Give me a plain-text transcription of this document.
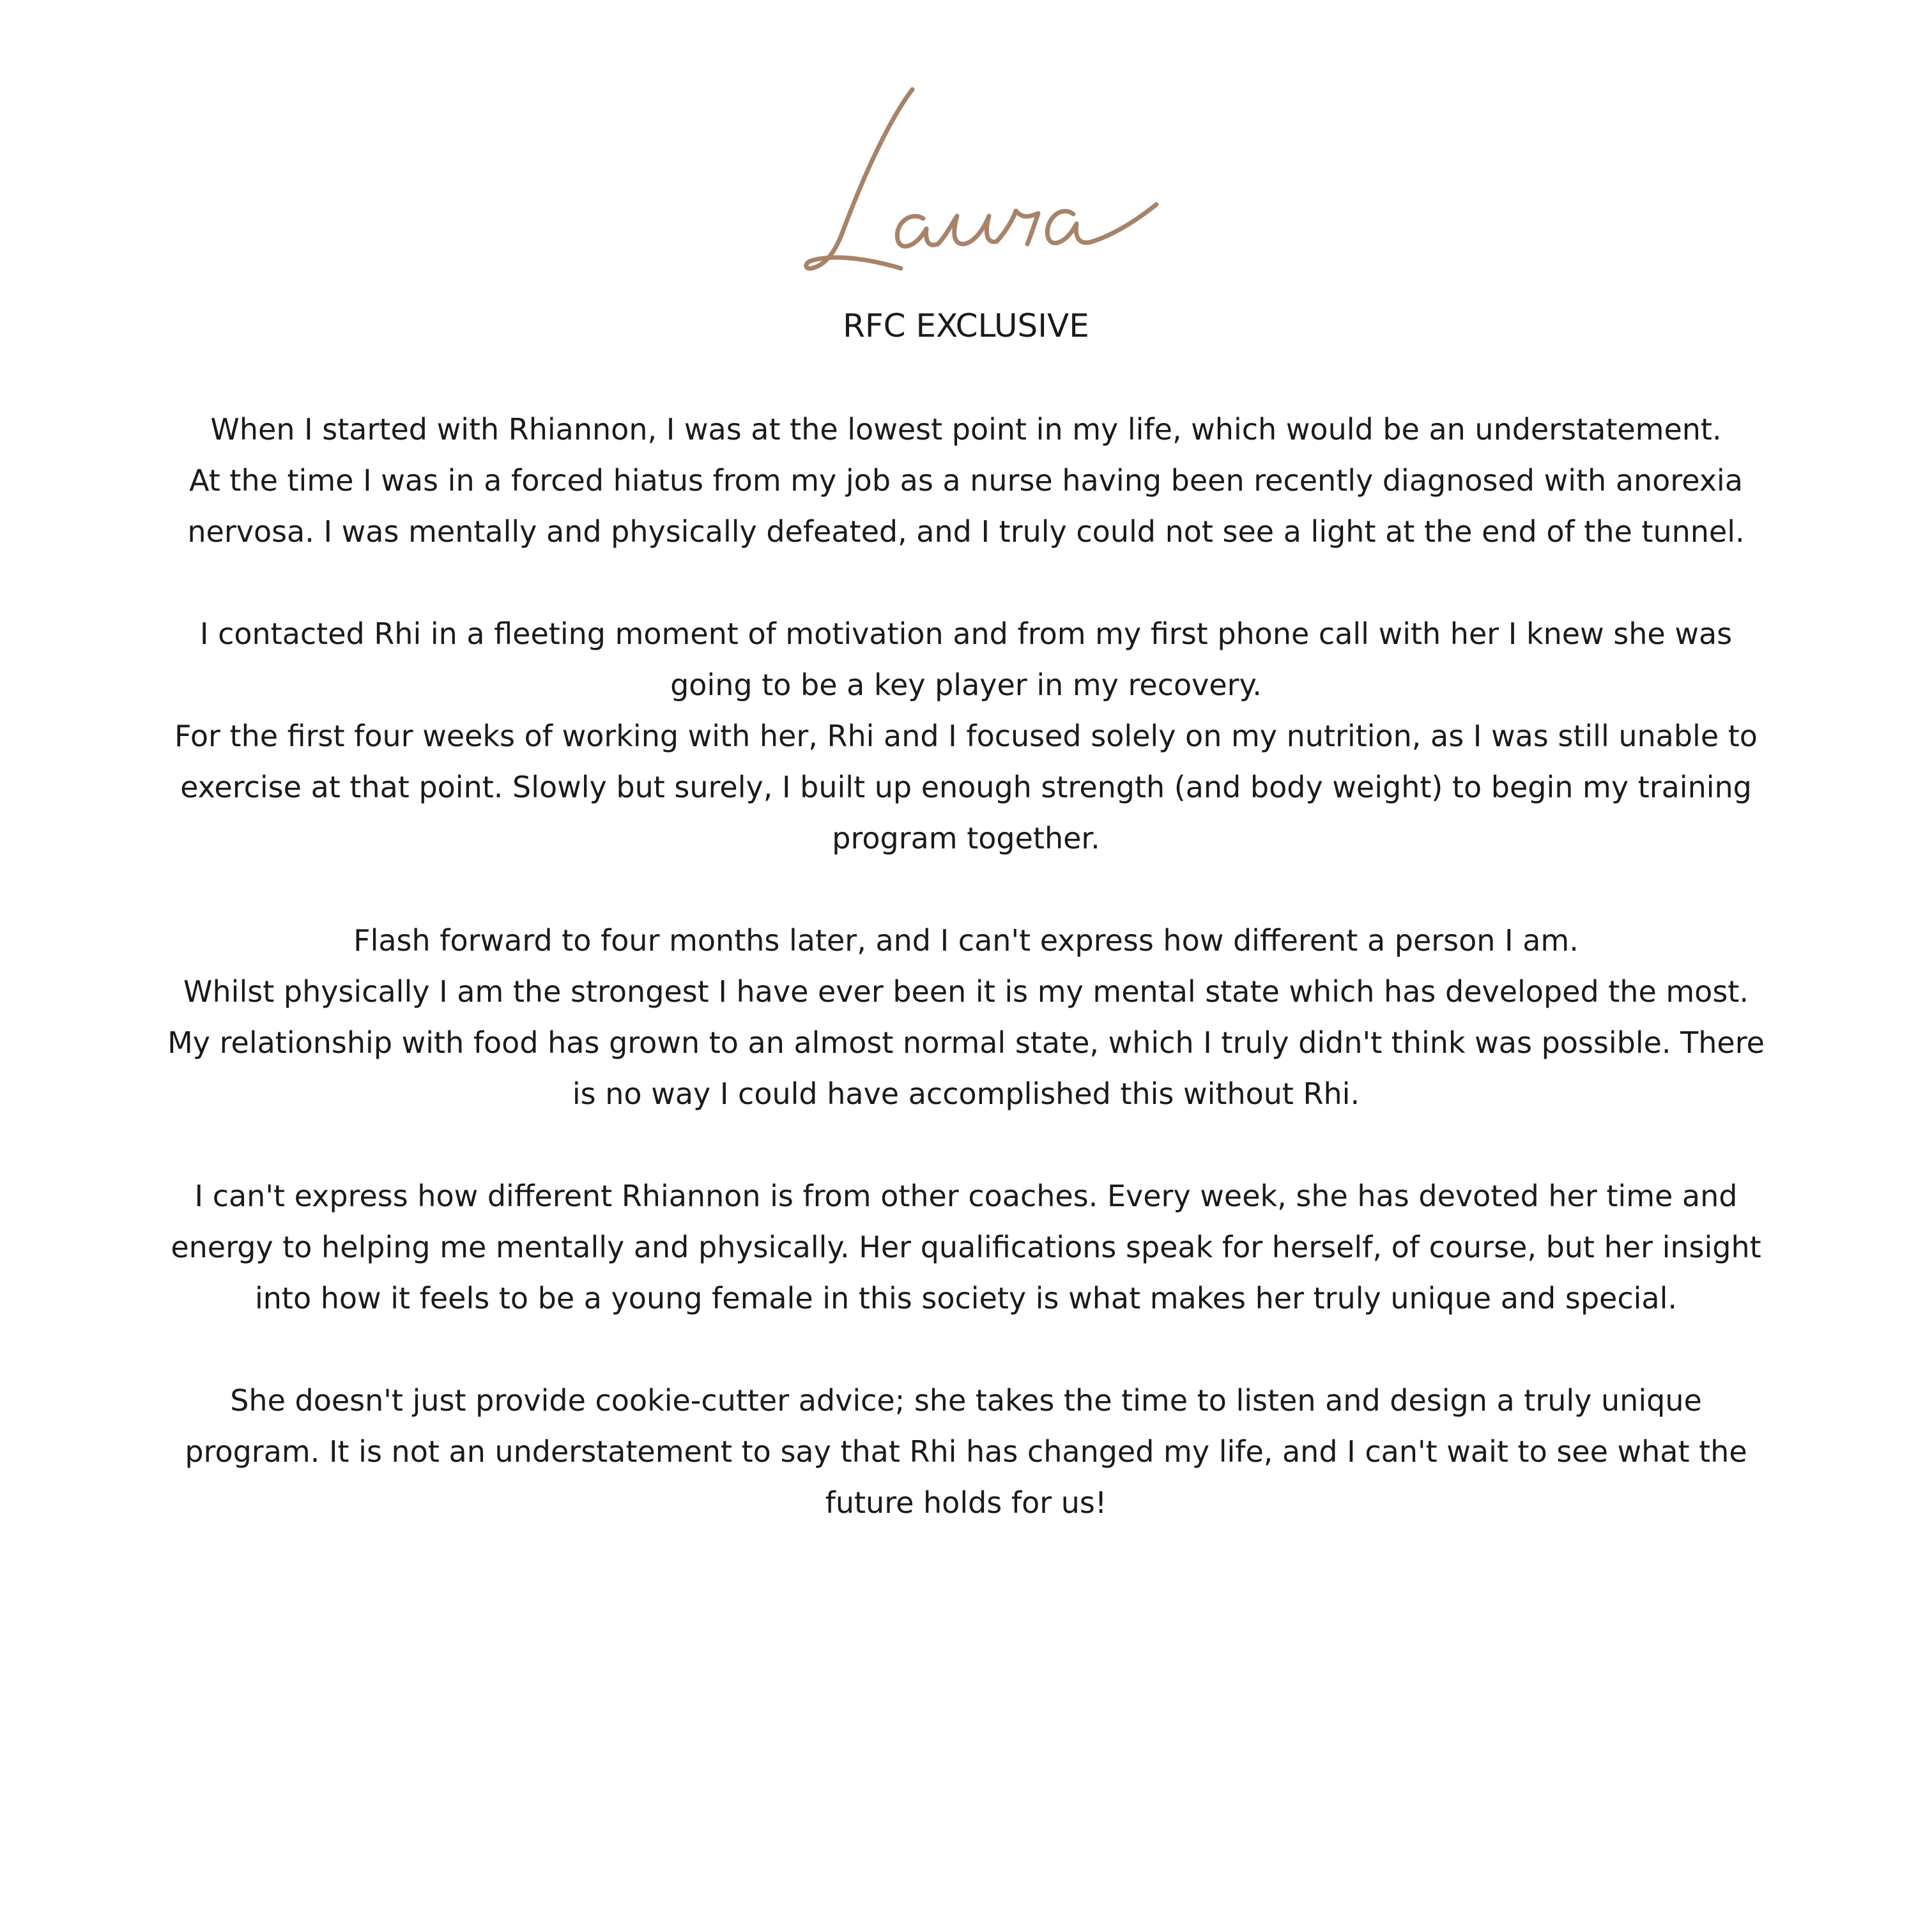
RFC EXCLUSIVE

When I started with Rhiannon, I was at the lowest point in my life, which would be an understatement.
At the time I was in a forced hiatus from my job as a nurse having been recently diagnosed with anorexia
nervosa. I was mentally and physically defeated, and I truly could not see a light at the end of the tunnel.

I contacted Rhi in a fleeting moment of motivation and from my first phone call with her I knew she was
going to be a key player in my recovery.
For the first four weeks of working with her, Rhi and I focused solely on my nutrition, as I was still unable to
exercise at that point. Slowly but surely, I built up enough strength (and body weight) to begin my training
program together.

Flash forward to four months later, and I can't express how different a person I am.
Whilst physically I am the strongest I have ever been it is my mental state which has developed the most.
My relationship with food has grown to an almost normal state, which I truly didn't think was possible. There
is no way I could have accomplished this without Rhi.

I can't express how different Rhiannon is from other coaches. Every week, she has devoted her time and
energy to helping me mentally and physically. Her qualifications speak for herself, of course, but her insight
into how it feels to be a young female in this society is what makes her truly unique and special.

She doesn't just provide cookie-cutter advice; she takes the time to listen and design a truly unique
program. It is not an understatement to say that Rhi has changed my life, and I can't wait to see what the
future holds for us!
